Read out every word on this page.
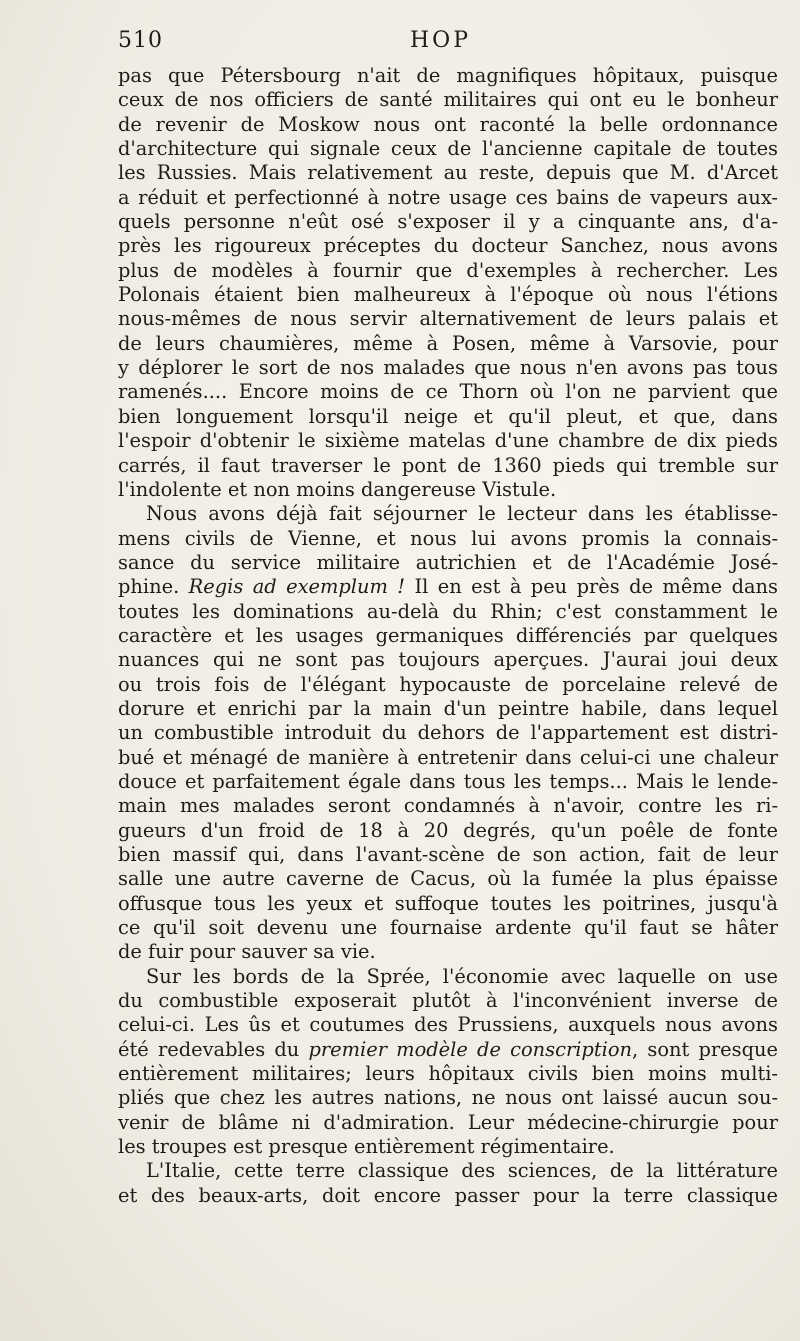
510	HOP
pas que Pétersbourg n'ait de magnifiques hôpitaux, puisque
ceux de nos officiers de santé militaires qui ont eu le bonheur
de revenir de Moskow nous ont raconté la belle ordonnance
d'architecture qui signale ceux de l'ancienne capitale de toutes
les Russies. Mais relativement au reste, depuis que M. d'Arcet
a réduit et perfectionné à notre usage ces bains de vapeurs aux-
quels personne n'eût osé s'exposer il y a cinquante ans, d'a-
près les rigoureux préceptes du docteur Sanchez, nous avons
plus de modèles à fournir que d'exemples à rechercher. Les
Polonais étaient bien malheureux à l'époque où nous l'étions
nous-mêmes de nous servir alternativement de leurs palais et
de leurs chaumières, même à Posen, même à Varsovie, pour
y déplorer le sort de nos malades que nous n'en avons pas tous
ramenés.... Encore moins de ce Thorn où l'on ne parvient que
bien longuement lorsqu'il neige et qu'il pleut, et que, dans
l'espoir d'obtenir le sixième matelas d'une chambre de dix pieds
carrés, il faut traverser le pont de 1360 pieds qui tremble sur
l'indolente et non moins dangereuse Vistule.
Nous avons déjà fait séjourner le lecteur dans les établisse-
mens civils de Vienne, et nous lui avons promis la connais-
sance du service militaire autrichien et de l'Académie José-
phine. Regis ad exemplum ! Il en est à peu près de même dans
toutes les dominations au-delà du Rhin; c'est constamment le
caractère et les usages germaniques différenciés par quelques
nuances qui ne sont pas toujours aperçues. J'aurai joui deux
ou trois fois de l'élégant hypocauste de porcelaine relevé de
dorure et enrichi par la main d'un peintre habile, dans lequel
un combustible introduit du dehors de l'appartement est distri-
bué et ménagé de manière à entretenir dans celui-ci une chaleur
douce et parfaitement égale dans tous les temps... Mais le lende-
main mes malades seront condamnés à n'avoir, contre les ri-
gueurs d'un froid de 18 à 20 degrés, qu'un poêle de fonte
bien massif qui, dans l'avant-scène de son action, fait de leur
salle une autre caverne de Cacus, où la fumée la plus épaisse
offusque tous les yeux et suffoque toutes les poitrines, jusqu'à
ce qu'il soit devenu une fournaise ardente qu'il faut se hâter
de fuir pour sauver sa vie.
Sur les bords de la Sprée, l'économie avec laquelle on use
du combustible exposerait plutôt à l'inconvénient inverse de
celui-ci. Les ûs et coutumes des Prussiens, auxquels nous avons
été redevables du premier modèle de conscription, sont presque
entièrement militaires; leurs hôpitaux civils bien moins multi-
pliés que chez les autres nations, ne nous ont laissé aucun sou-
venir de blâme ni d'admiration. Leur médecine-chirurgie pour
les troupes est presque entièrement régimentaire.
L'Italie, cette terre classique des sciences, de la littérature
et des beaux-arts, doit encore passer pour la terre classique
